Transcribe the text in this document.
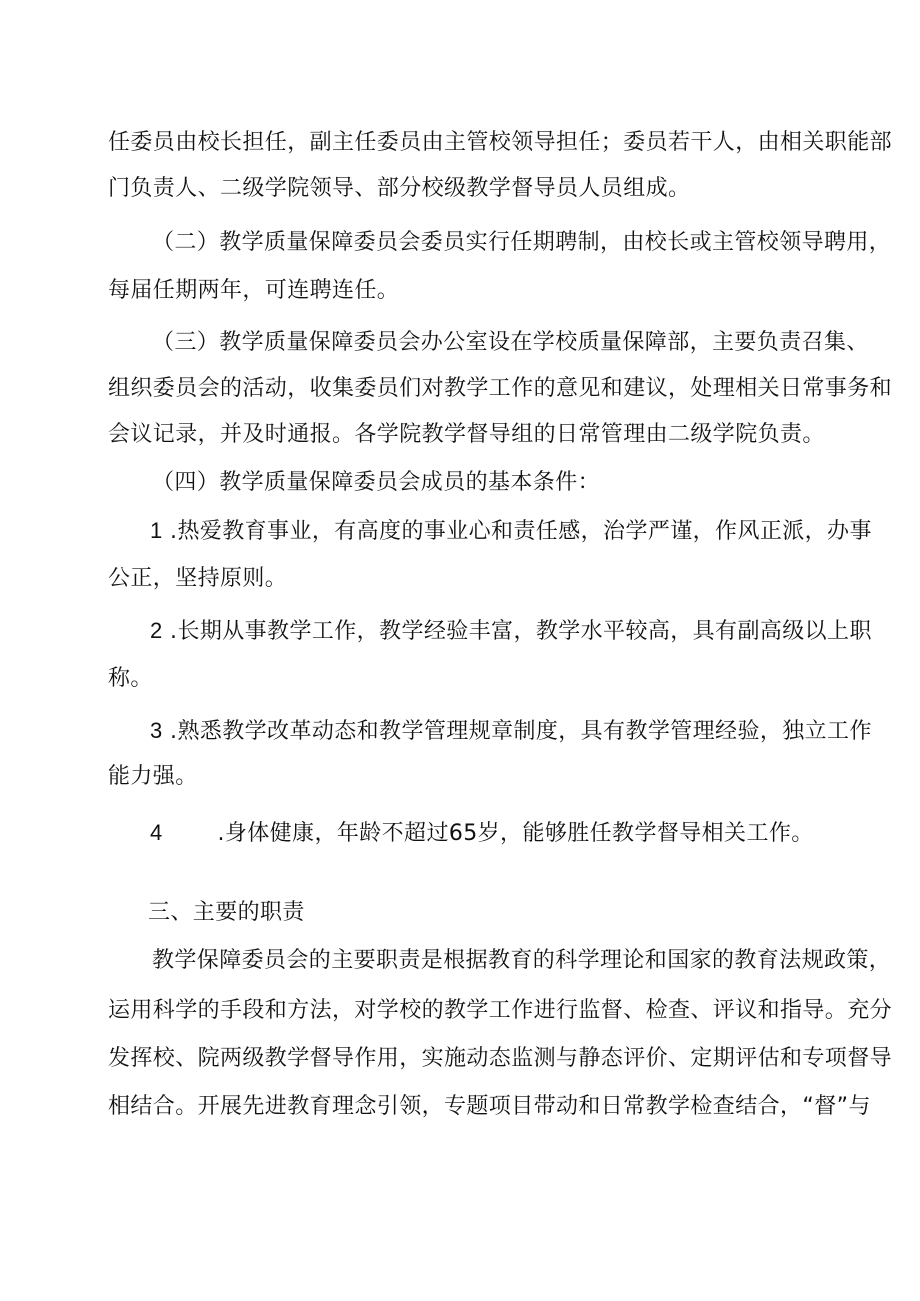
任委员由校长担任，副主任委员由主管校领导担任；委员若干人，由相关职能部
门负责人、二级学院领导、部分校级教学督导员人员组成。
（二）教学质量保障委员会委员实行任期聘制，由校长或主管校领导聘用，
每届任期两年，可连聘连任。
（三）教学质量保障委员会办公室设在学校质量保障部，主要负责召集、
组织委员会的活动，收集委员们对教学工作的意见和建议，处理相关日常事务和
会议记录，并及时通报。各学院教学督导组的日常管理由二级学院负责。
（四）教学质量保障委员会成员的基本条件：
1 .热爱教育事业，有高度的事业心和责任感，治学严谨，作风正派，办事
公正，坚持原则。
2 .长期从事教学工作，教学经验丰富，教学水平较高，具有副高级以上职
称。
3 .熟悉教学改革动态和教学管理规章制度，具有教学管理经验，独立工作
能力强。
4 .身体健康，年龄不超过65岁，能够胜任教学督导相关工作。
三、主要的职责
教学保障委员会的主要职责是根据教育的科学理论和国家的教育法规政策，
运用科学的手段和方法，对学校的教学工作进行监督、检查、评议和指导。充分
发挥校、院两级教学督导作用，实施动态监测与静态评价、定期评估和专项督导
相结合。开展先进教育理念引领，专题项目带动和日常教学检查结合，“督”与
